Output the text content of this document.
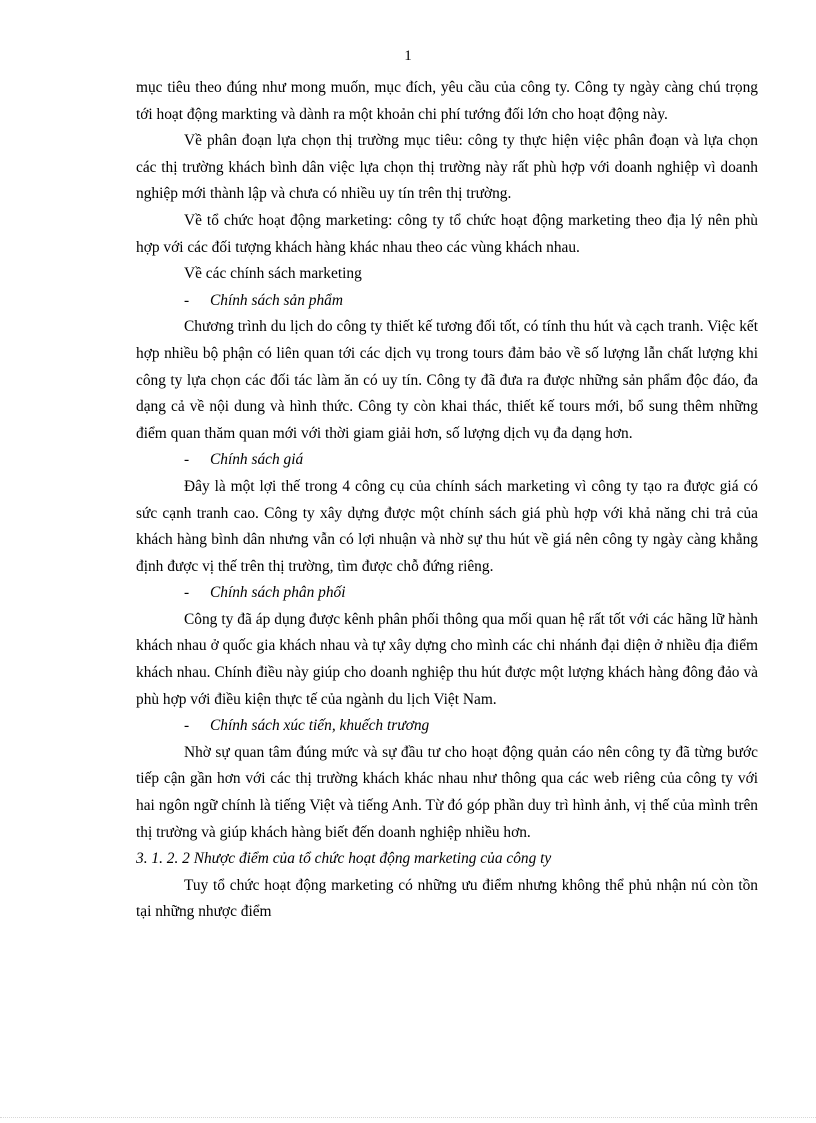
1

mục tiêu theo đúng như mong muốn, mục đích, yêu cầu của công ty. Công ty ngày càng chú trọng tới hoạt động markting và dành ra một khoản chi phí tướng đối lớn cho hoạt động này.

Về phân đoạn lựa chọn thị trường mục tiêu: công ty thực hiện việc phân đoạn và lựa chọn các thị trường khách bình dân việc lựa chọn thị trường này rất phù hợp với doanh nghiệp vì doanh nghiệp mới thành lập và chưa có nhiều uy tín trên thị trường.

Về tổ chức hoạt động marketing: công ty tổ chức hoạt động marketing theo địa lý nên phù hợp với các đối tượng khách hàng khác nhau theo các vùng khách nhau.

Về các chính sách marketing

- Chính sách sản phẩm

Chương trình du lịch do công ty thiết kế tương đối tốt, có tính thu hút và cạch tranh. Việc kết hợp nhiều bộ phận có liên quan tới các dịch vụ trong tours đảm bảo về số lượng lẫn chất lượng khi công ty lựa chọn các đối tác làm ăn có uy tín. Công ty đã đưa ra được những sản phẩm độc đáo, đa dạng cả về nội dung và hình thức. Công ty còn khai thác, thiết kế tours mới, bổ sung thêm những điểm quan thăm quan mới với thời giam giải hơn, số lượng dịch vụ đa dạng hơn.

- Chính sách giá

Đây là một lợi thế trong 4 công cụ của chính sách marketing vì công ty tạo ra được giá có sức cạnh tranh cao. Công ty xây dựng được một chính sách giá phù hợp với khả năng chi trả của khách hàng bình dân nhưng vẫn có lợi nhuận và nhờ sự thu hút về giá nên công ty ngày càng khẳng định được vị thế trên thị trường, tìm được chỗ đứng riêng.

- Chính sách phân phối

Công ty đã áp dụng được kênh phân phối thông qua mối quan hệ rất tốt với các hãng lữ hành khách nhau ở quốc gia khách nhau và tự xây dựng cho mình các chi nhánh đại diện ở nhiều địa điểm khách nhau. Chính điều này giúp cho doanh nghiệp thu hút được một lượng khách hàng đông đảo và phù hợp với điều kiện thực tế của ngành du lịch Việt Nam.

- Chính sách xúc tiến, khuếch trương

Nhờ sự quan tâm đúng mức và sự đầu tư cho hoạt động quản cáo nên công ty đã từng bước tiếp cận gần hơn với các thị trường khách khác nhau như thông qua các web riêng của công ty với hai ngôn ngữ chính là tiếng Việt và tiếng Anh. Từ đó góp phần duy trì hình ảnh, vị thế của mình trên thị trường và giúp khách hàng biết đến doanh nghiệp nhiều hơn.

3. 1. 2. 2 Nhược điểm của tổ chức hoạt động marketing của công ty

Tuy tổ chức hoạt động marketing có những ưu điểm nhưng không thể phủ nhận nú còn tồn tại những nhược điểm
